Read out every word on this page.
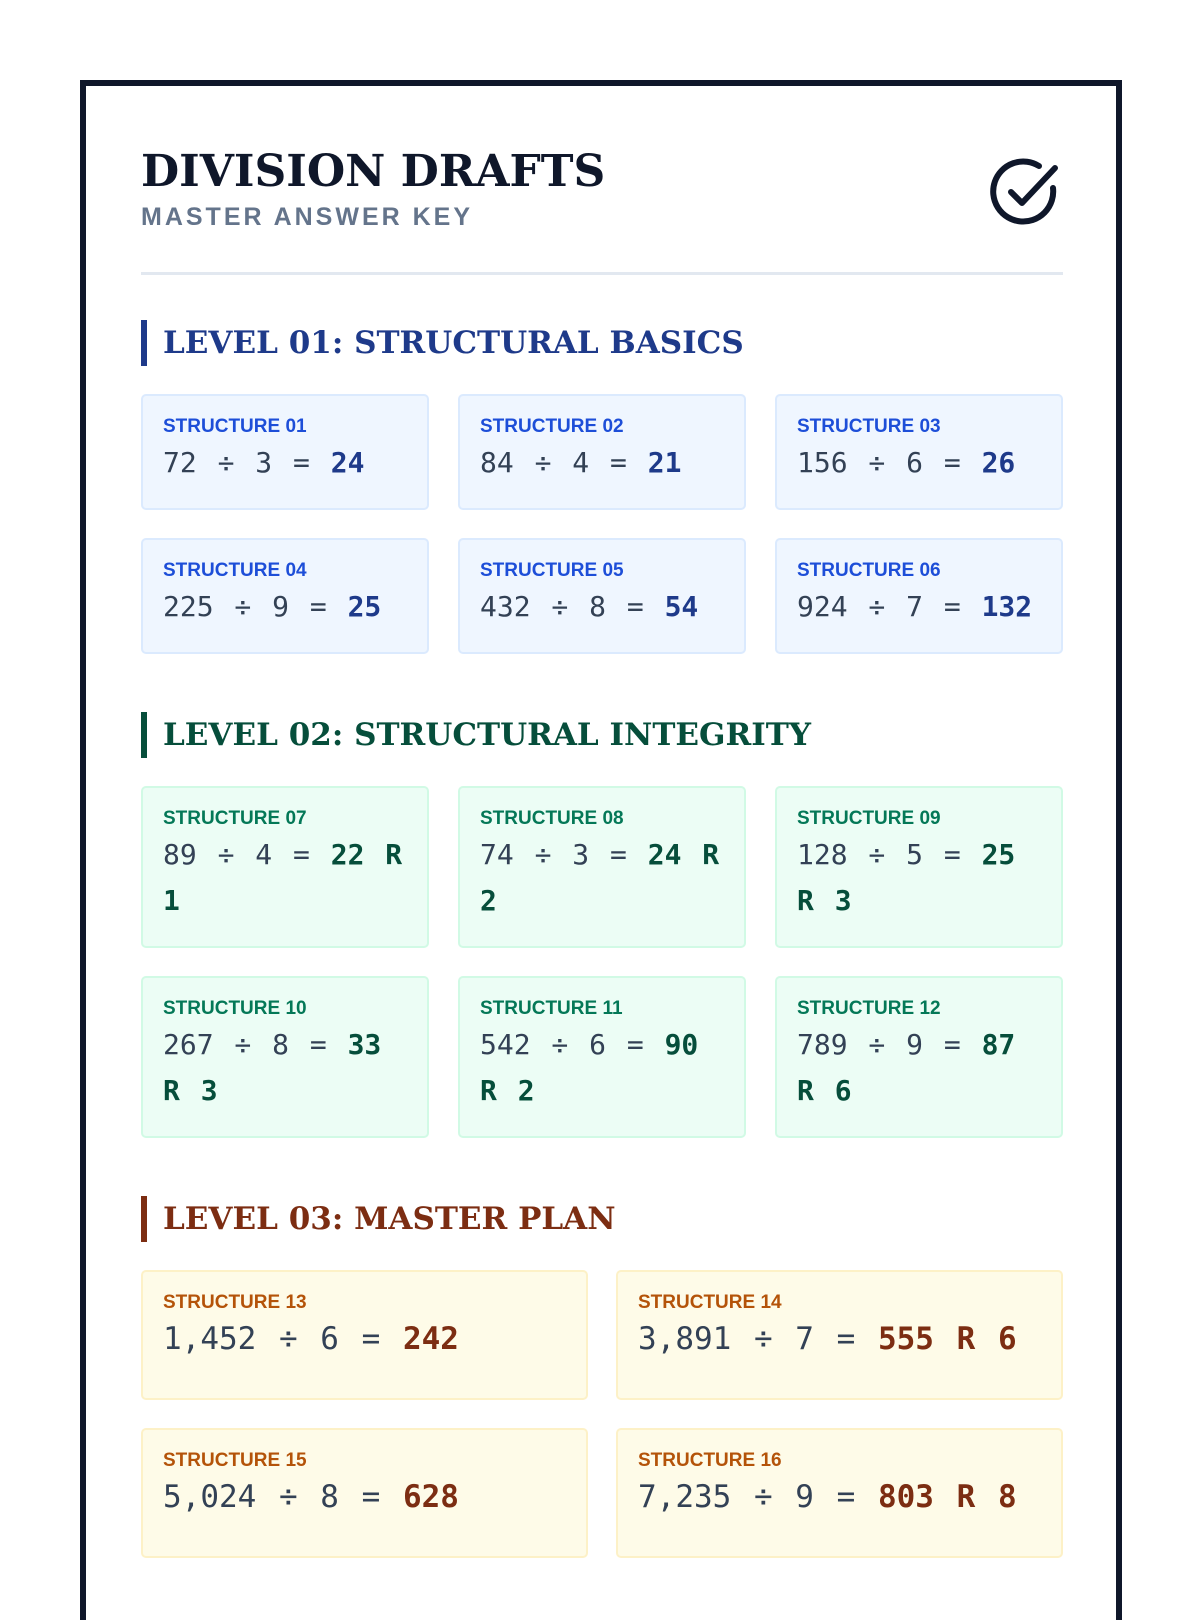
DIVISION DRAFTS
MASTER ANSWER KEY
LEVEL 01: STRUCTURAL BASICS
STRUCTURE 01
72 ÷ 3 = 24
STRUCTURE 02
84 ÷ 4 = 21
STRUCTURE 03
156 ÷ 6 = 26
STRUCTURE 04
225 ÷ 9 = 25
STRUCTURE 05
432 ÷ 8 = 54
STRUCTURE 06
924 ÷ 7 = 132
LEVEL 02: STRUCTURAL INTEGRITY
STRUCTURE 07
89 ÷ 4 = 22 R 1
STRUCTURE 08
74 ÷ 3 = 24 R 2
STRUCTURE 09
128 ÷ 5 = 25 R 3
STRUCTURE 10
267 ÷ 8 = 33 R 3
STRUCTURE 11
542 ÷ 6 = 90 R 2
STRUCTURE 12
789 ÷ 9 = 87 R 6
LEVEL 03: MASTER PLAN
STRUCTURE 13
1,452 ÷ 6 = 242
STRUCTURE 14
3,891 ÷ 7 = 555 R 6
STRUCTURE 15
5,024 ÷ 8 = 628
STRUCTURE 16
7,235 ÷ 9 = 803 R 8
